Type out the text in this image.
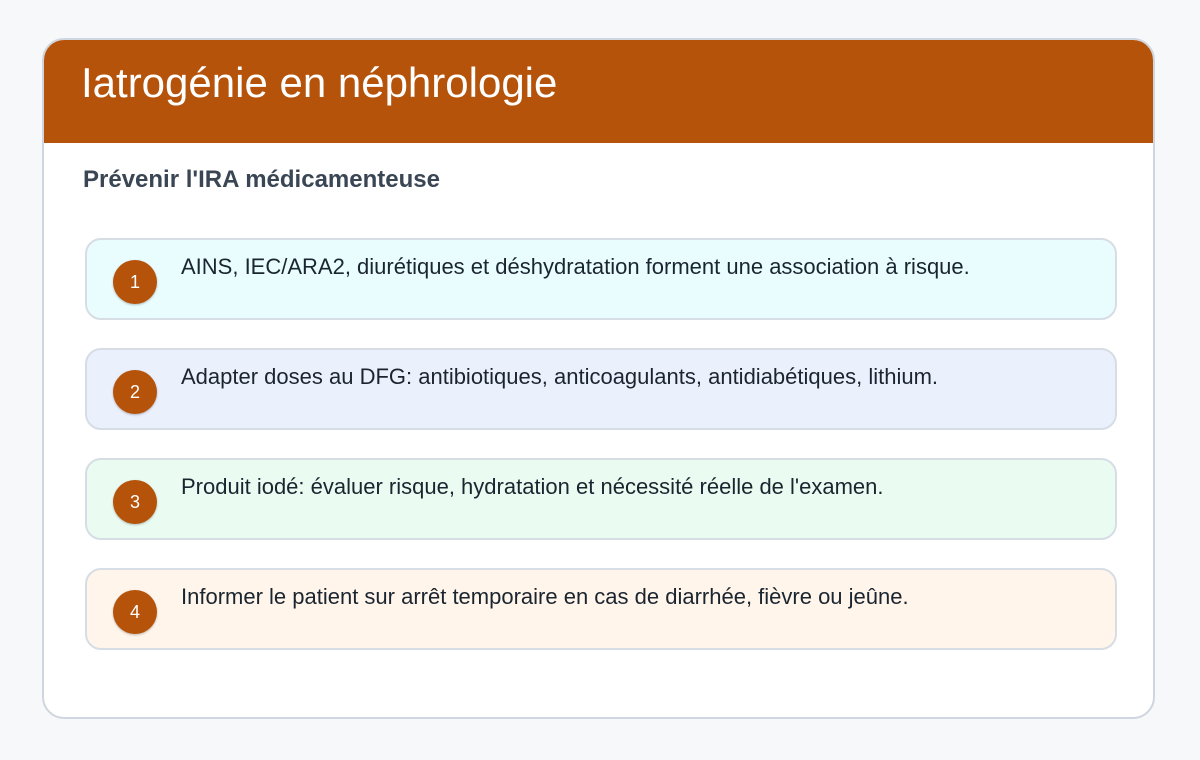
Iatrogénie en néphrologie
Prévenir l'IRA médicamenteuse
1

AINS, IEC/ARA2, diurétiques et déshydratation forment une association à risque.

2

Adapter doses au DFG: antibiotiques, anticoagulants, antidiabétiques, lithium.

3

Produit iodé: évaluer risque, hydratation et nécessité réelle de l'examen.

4

Informer le patient sur arrêt temporaire en cas de diarrhée, fièvre ou jeûne.
